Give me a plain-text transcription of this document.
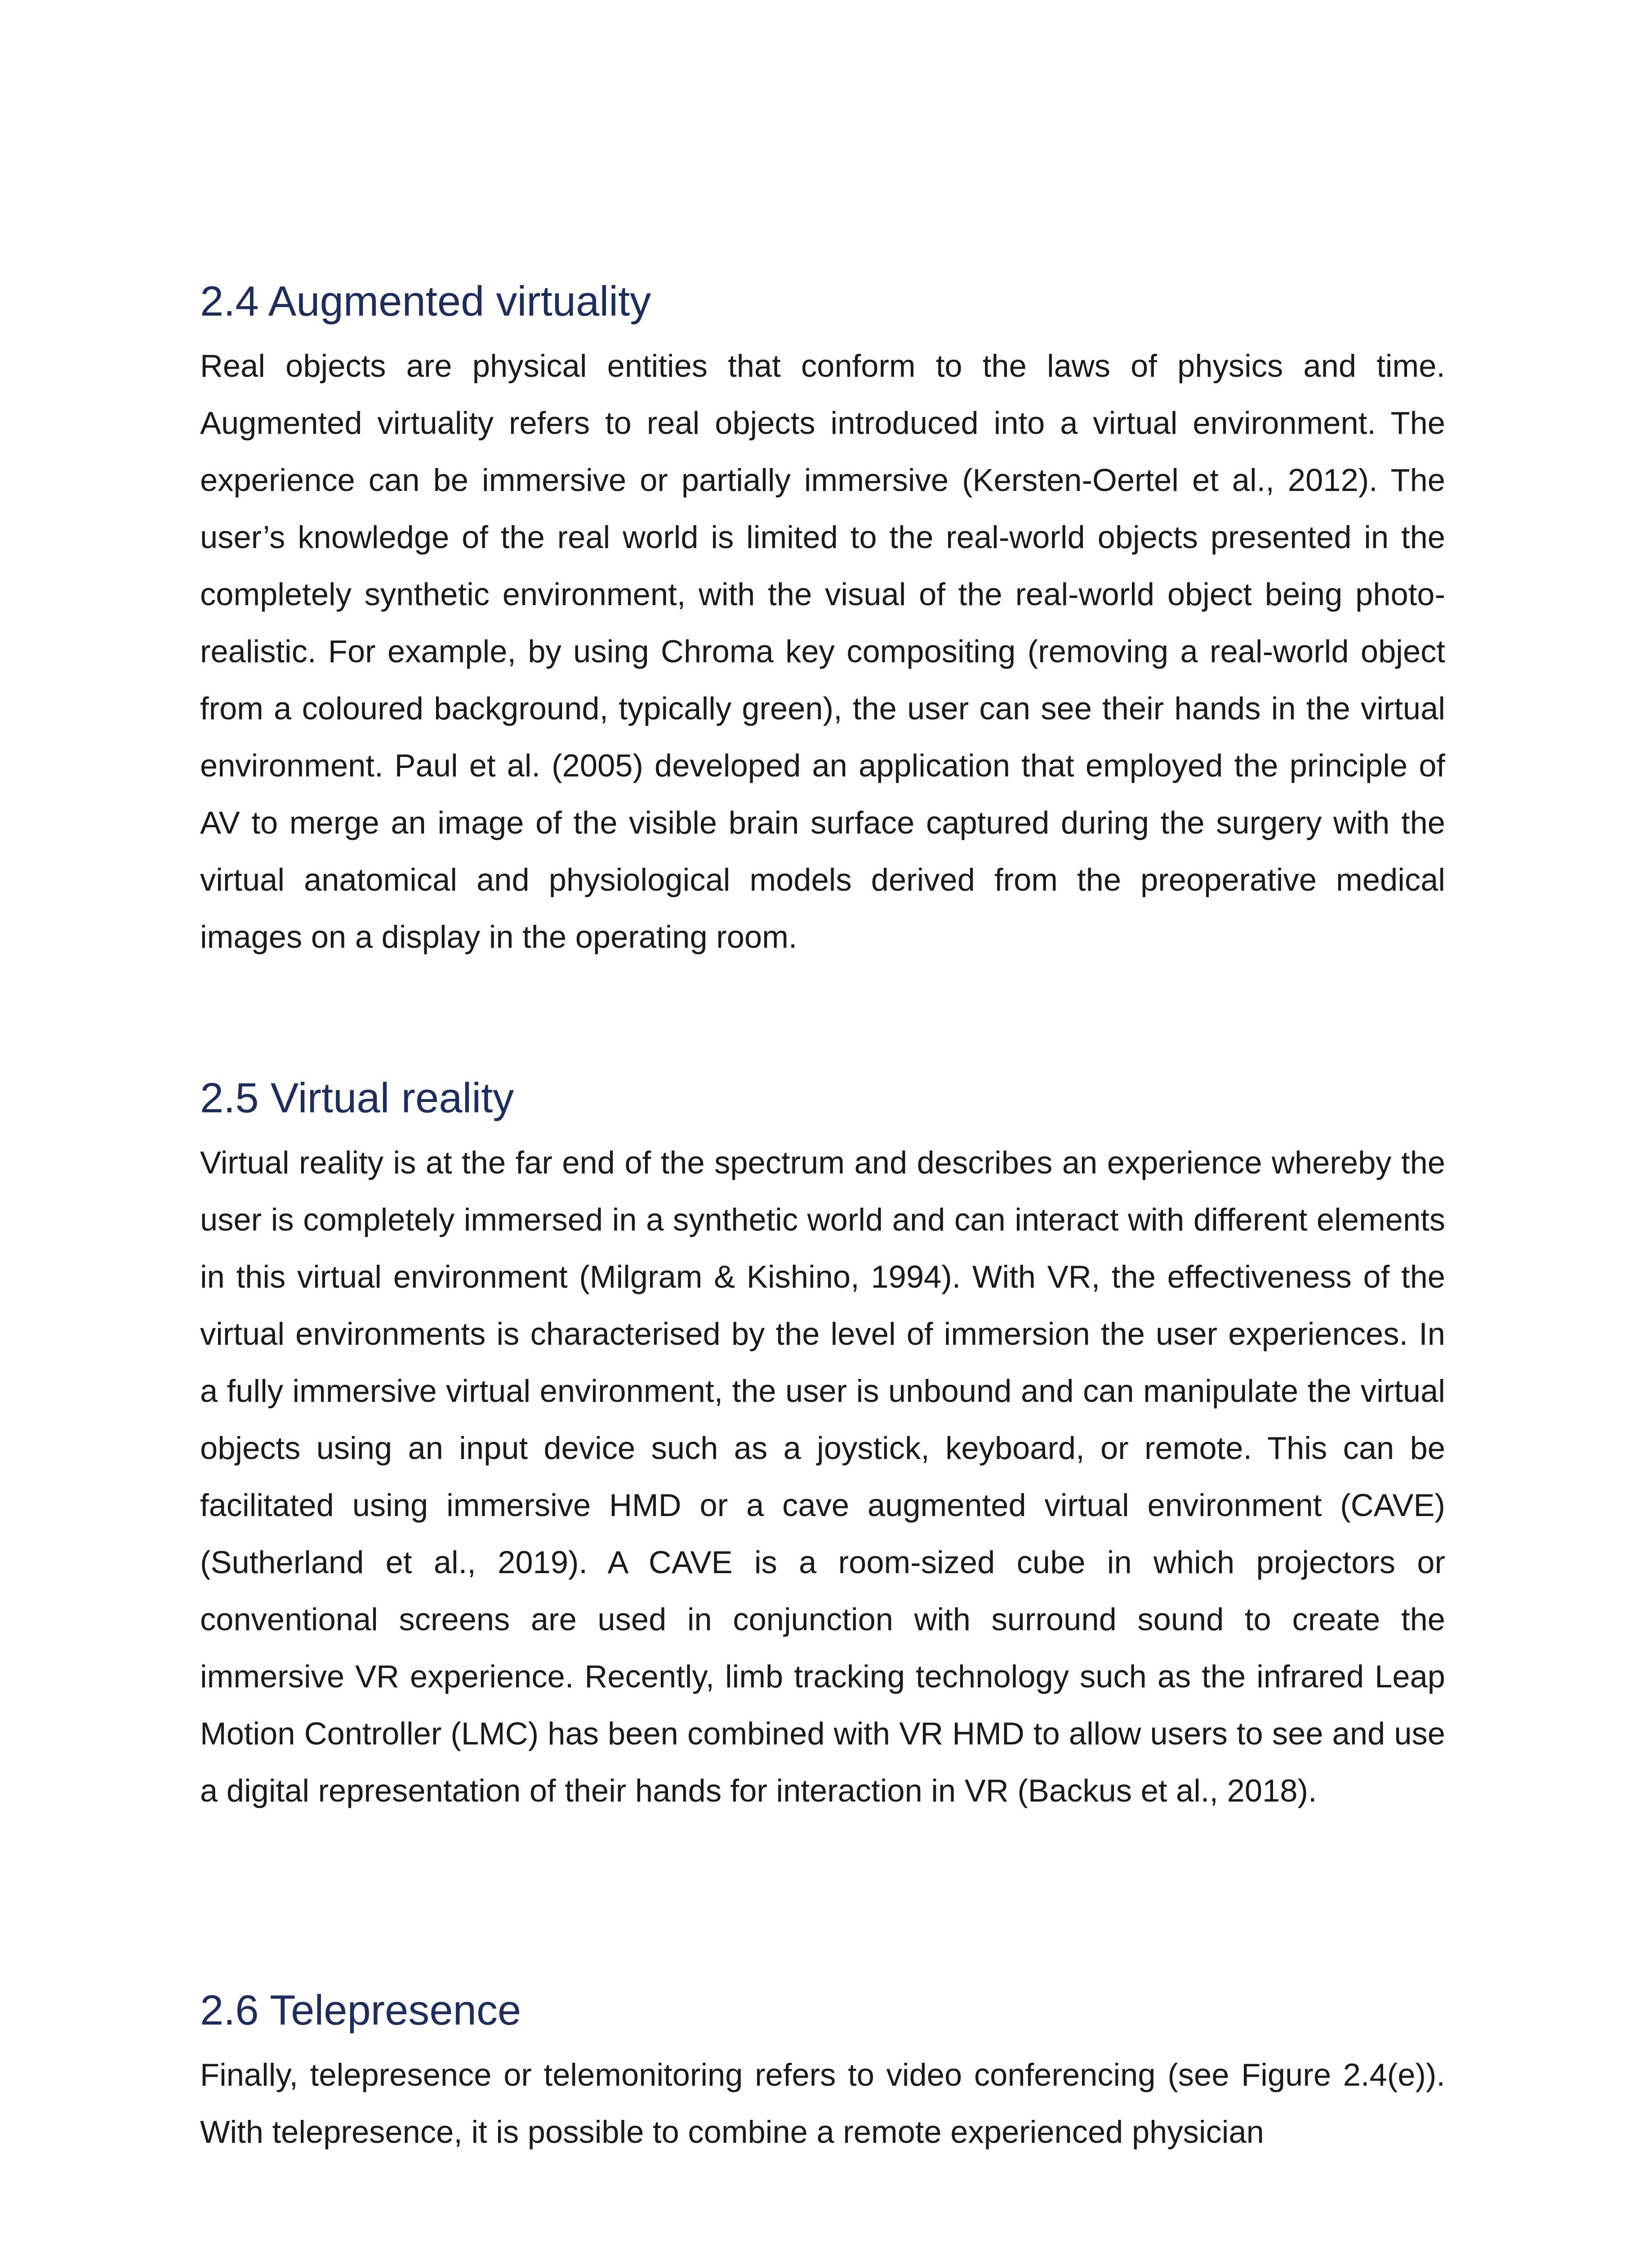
2.4 Augmented virtuality

Real objects are physical entities that conform to the laws of physics and time. Augmented virtuality refers to real objects introduced into a virtual environment. The experience can be immersive or partially immersive (Kersten-Oertel et al., 2012). The user’s knowledge of the real world is limited to the real-world objects presented in the completely synthetic environment, with the visual of the real-world object being photo-realistic. For example, by using Chroma key compositing (removing a real-world object from a coloured background, typically green), the user can see their hands in the virtual environment. Paul et al. (2005) developed an application that employed the principle of AV to merge an image of the visible brain surface captured during the surgery with the virtual anatomical and physiological models derived from the preoperative medical images on a display in the operating room.

2.5 Virtual reality

Virtual reality is at the far end of the spectrum and describes an experience whereby the user is completely immersed in a synthetic world and can interact with different elements in this virtual environment (Milgram & Kishino, 1994). With VR, the effectiveness of the virtual environments is characterised by the level of immersion the user experiences. In a fully immersive virtual environment, the user is unbound and can manipulate the virtual objects using an input device such as a joystick, keyboard, or remote. This can be facilitated using immersive HMD or a cave augmented virtual environment (CAVE) (Sutherland et al., 2019). A CAVE is a room-sized cube in which projectors or conventional screens are used in conjunction with surround sound to create the immersive VR experience. Recently, limb tracking technology such as the infrared Leap Motion Controller (LMC) has been combined with VR HMD to allow users to see and use a digital representation of their hands for interaction in VR (Backus et al., 2018).

2.6 Telepresence

Finally, telepresence or telemonitoring refers to video conferencing (see Figure 2.4(e)). With telepresence, it is possible to combine a remote experienced physician
